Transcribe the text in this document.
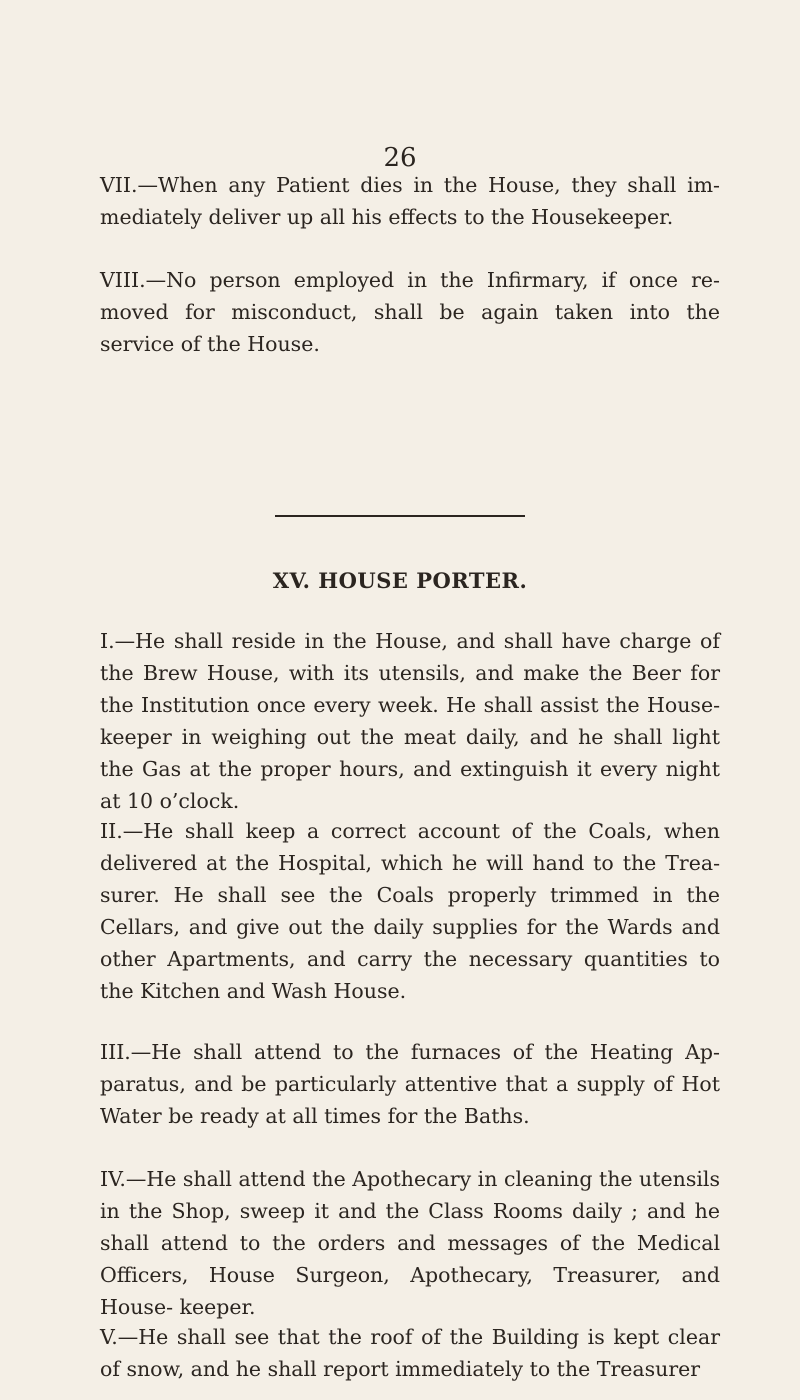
26

VII.—When any Patient dies in the House, they shall im- mediately deliver up all his effects to the Housekeeper.

VIII.—No person employed in the Infirmary, if once re- moved for misconduct, shall be again taken into the service of the House.

XV. HOUSE PORTER.

I.—He shall reside in the House, and shall have charge of the Brew House, with its utensils, and make the Beer for the Institution once every week. He shall assist the House- keeper in weighing out the meat daily, and he shall light the Gas at the proper hours, and extinguish it every night at 10 o’clock.

II.—He shall keep a correct account of the Coals, when delivered at the Hospital, which he will hand to the Trea- surer. He shall see the Coals properly trimmed in the Cellars, and give out the daily supplies for the Wards and other Apartments, and carry the necessary quantities to the Kitchen and Wash House.

III.—He shall attend to the furnaces of the Heating Ap- paratus, and be particularly attentive that a supply of Hot Water be ready at all times for the Baths.

IV.—He shall attend the Apothecary in cleaning the utensils in the Shop, sweep it and the Class Rooms daily ; and he shall attend to the orders and messages of the Medical Officers, House Surgeon, Apothecary, Treasurer, and House- keeper.

V.—He shall see that the roof of the Building is kept clear of snow, and he shall report immediately to the Treasurer
